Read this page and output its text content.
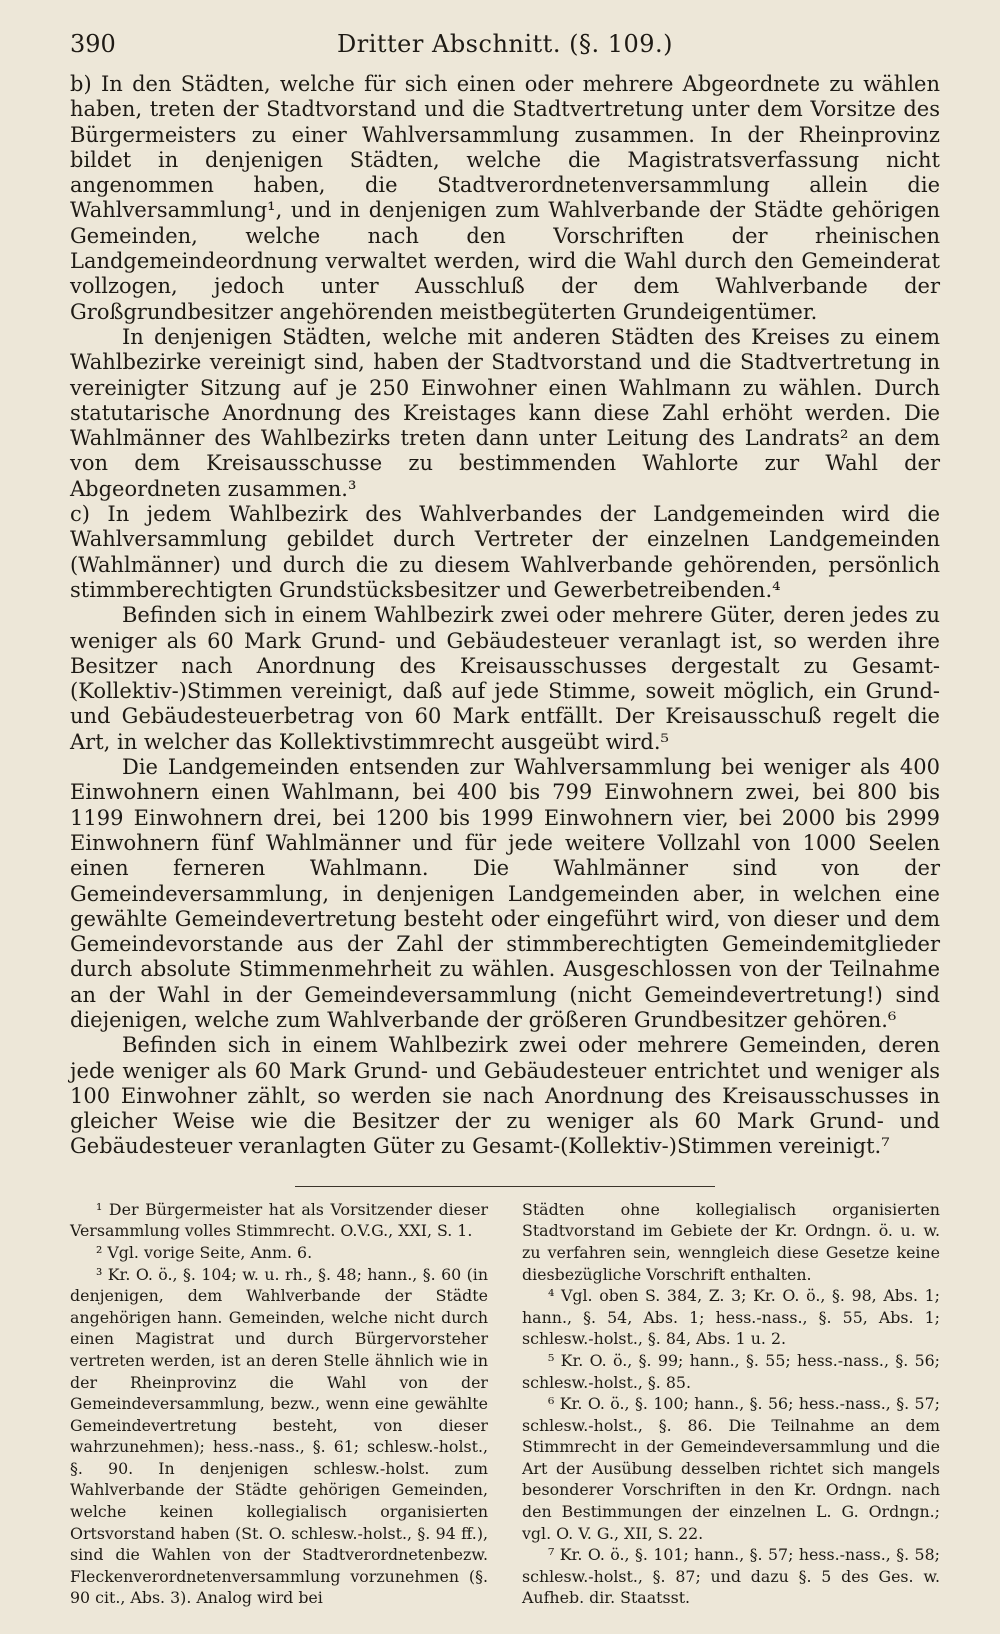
390	Dritter Abschnitt. (§. 109.)

b) In den Städten, welche für sich einen oder mehrere Abgeordnete zu wählen haben, treten der Stadtvorstand und die Stadtvertretung unter dem Vorsitze des Bürgermeisters zu einer Wahlversammlung zusammen. In der Rheinprovinz bildet in denjenigen Städten, welche die Magistratsverfassung nicht angenommen haben, die Stadtverordnetenversammlung allein die Wahlversammlung¹, und in denjenigen zum Wahlverbande der Städte gehörigen Gemeinden, welche nach den Vorschriften der rheinischen Landgemeindeordnung verwaltet werden, wird die Wahl durch den Gemeinderat vollzogen, jedoch unter Ausschluß der dem Wahlverbande der Großgrundbesitzer angehörenden meistbegüterten Grundeigentümer.

In denjenigen Städten, welche mit anderen Städten des Kreises zu einem Wahlbezirke vereinigt sind, haben der Stadtvorstand und die Stadtvertretung in vereinigter Sitzung auf je 250 Einwohner einen Wahlmann zu wählen. Durch statutarische Anordnung des Kreistages kann diese Zahl erhöht werden. Die Wahlmänner des Wahlbezirks treten dann unter Leitung des Landrats² an dem von dem Kreisausschusse zu bestimmenden Wahlorte zur Wahl der Abgeordneten zusammen.³

c) In jedem Wahlbezirk des Wahlverbandes der Landgemeinden wird die Wahlversammlung gebildet durch Vertreter der einzelnen Landgemeinden (Wahlmänner) und durch die zu diesem Wahlverbande gehörenden, persönlich stimmberechtigten Grundstücksbesitzer und Gewerbetreibenden.⁴

Befinden sich in einem Wahlbezirk zwei oder mehrere Güter, deren jedes zu weniger als 60 Mark Grund- und Gebäudesteuer veranlagt ist, so werden ihre Besitzer nach Anordnung des Kreisausschusses dergestalt zu Gesamt-(Kollektiv-)Stimmen vereinigt, daß auf jede Stimme, soweit möglich, ein Grund- und Gebäudesteuerbetrag von 60 Mark entfällt. Der Kreisausschuß regelt die Art, in welcher das Kollektivstimmrecht ausgeübt wird.⁵

Die Landgemeinden entsenden zur Wahlversammlung bei weniger als 400 Einwohnern einen Wahlmann, bei 400 bis 799 Einwohnern zwei, bei 800 bis 1199 Einwohnern drei, bei 1200 bis 1999 Einwohnern vier, bei 2000 bis 2999 Einwohnern fünf Wahlmänner und für jede weitere Vollzahl von 1000 Seelen einen ferneren Wahlmann. Die Wahlmänner sind von der Gemeindeversammlung, in denjenigen Landgemeinden aber, in welchen eine gewählte Gemeindevertretung besteht oder eingeführt wird, von dieser und dem Gemeindevorstande aus der Zahl der stimmberechtigten Gemeindemitglieder durch absolute Stimmenmehrheit zu wählen. Ausgeschlossen von der Teilnahme an der Wahl in der Gemeindeversammlung (nicht Gemeindevertretung!) sind diejenigen, welche zum Wahlverbande der größeren Grundbesitzer gehören.⁶

Befinden sich in einem Wahlbezirk zwei oder mehrere Gemeinden, deren jede weniger als 60 Mark Grund- und Gebäudesteuer entrichtet und weniger als 100 Einwohner zählt, so werden sie nach Anordnung des Kreisausschusses in gleicher Weise wie die Besitzer der zu weniger als 60 Mark Grund- und Gebäudesteuer veranlagten Güter zu Gesamt-(Kollektiv-)Stimmen vereinigt.⁷

¹ Der Bürgermeister hat als Vorsitzender dieser Versammlung volles Stimmrecht. O.V.G., XXI, S. 1.

² Vgl. vorige Seite, Anm. 6.

³ Kr. O. ö., §. 104; w. u. rh., §. 48; hann., §. 60 (in denjenigen, dem Wahlverbande der Städte angehörigen hann. Gemeinden, welche nicht durch einen Magistrat und durch Bürgervorsteher vertreten werden, ist an deren Stelle ähnlich wie in der Rheinprovinz die Wahl von der Gemeindeversammlung, bezw., wenn eine gewählte Gemeindevertretung besteht, von dieser wahrzunehmen); hess.-nass., §. 61; schlesw.-holst., §. 90. In denjenigen schlesw.-holst. zum Wahlverbande der Städte gehörigen Gemeinden, welche keinen kollegialisch organisierten Ortsvorstand haben (St. O. schlesw.-holst., §. 94 ff.), sind die Wahlen von der Stadtverordnetenbezw. Fleckenverordnetenversammlung vorzunehmen (§. 90 cit., Abs. 3). Analog wird bei

Städten ohne kollegialisch organisierten Stadtvorstand im Gebiete der Kr. Ordngn. ö. u. w. zu verfahren sein, wenngleich diese Gesetze keine diesbezügliche Vorschrift enthalten.

⁴ Vgl. oben S. 384, Z. 3; Kr. O. ö., §. 98, Abs. 1; hann., §. 54, Abs. 1; hess.-nass., §. 55, Abs. 1; schlesw.-holst., §. 84, Abs. 1 u. 2.

⁵ Kr. O. ö., §. 99; hann., §. 55; hess.-nass., §. 56; schlesw.-holst., §. 85.

⁶ Kr. O. ö., §. 100; hann., §. 56; hess.-nass., §. 57; schlesw.-holst., §. 86. Die Teilnahme an dem Stimmrecht in der Gemeindeversammlung und die Art der Ausübung desselben richtet sich mangels besonderer Vorschriften in den Kr. Ordngn. nach den Bestimmungen der einzelnen L. G. Ordngn.; vgl. O. V. G., XII, S. 22.

⁷ Kr. O. ö., §. 101; hann., §. 57; hess.-nass., §. 58; schlesw.-holst., §. 87; und dazu §. 5 des Ges. w. Aufheb. dir. Staatsst.
